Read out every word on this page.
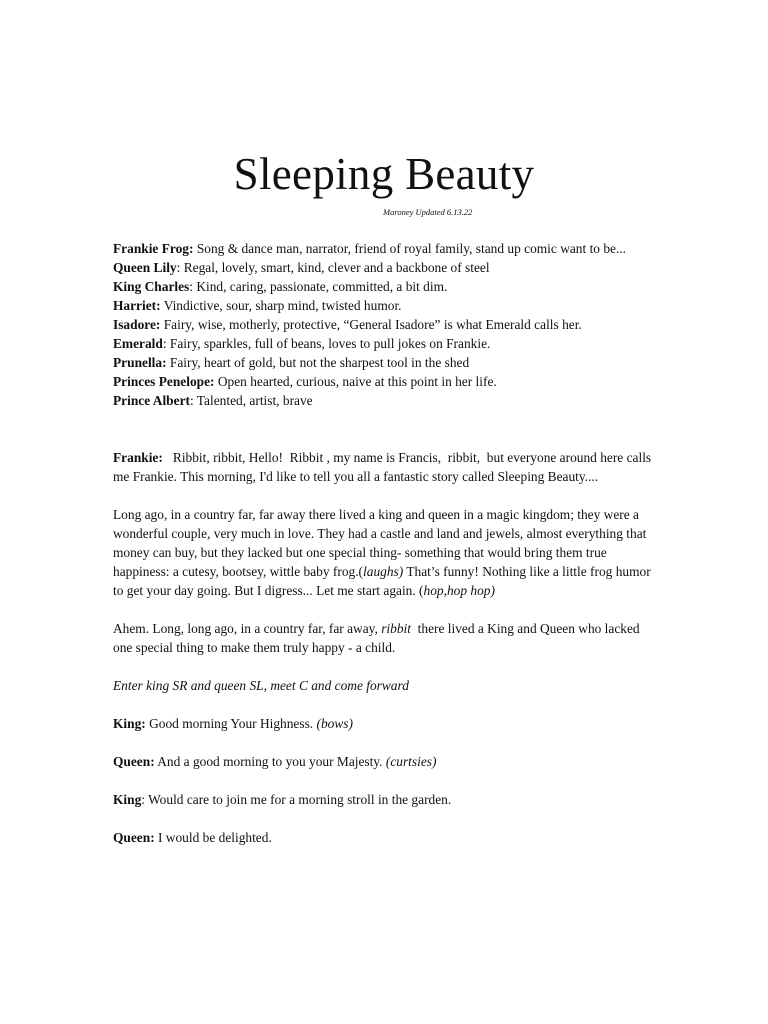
Sleeping Beauty
Maroney Updated 6.13.22

Frankie Frog: Song & dance man, narrator, friend of royal family, stand up comic want to be...

Queen Lily: Regal, lovely, smart, kind, clever and a backbone of steel

King Charles: Kind, caring, passionate, committed, a bit dim.

Harriet: Vindictive, sour, sharp mind, twisted humor.

Isadore: Fairy, wise, motherly, protective, “General Isadore” is what Emerald calls her.

Emerald: Fairy, sparkles, full of beans, loves to pull jokes on Frankie.

Prunella: Fairy, heart of gold, but not the sharpest tool in the shed

Princes Penelope: Open hearted, curious, naive at this point in her life.

Prince Albert: Talented, artist, brave

Frankie:   Ribbit, ribbit, Hello!  Ribbit , my name is Francis,  ribbit,  but everyone around here calls me Frankie. This morning, I'd like to tell you all a fantastic story called Sleeping Beauty....

Long ago, in a country far, far away there lived a king and queen in a magic kingdom; they were a wonderful couple, very much in love. They had a castle and land and jewels, almost everything that money can buy, but they lacked but one special thing- something that would bring them true happiness: a cutesy, bootsey, wittle baby frog.(laughs) That’s funny! Nothing like a little frog humor to get your day going. But I digress... Let me start again. (hop,hop hop)

Ahem. Long, long ago, in a country far, far away, ribbit  there lived a King and Queen who lacked one special thing to make them truly happy - a child.

Enter king SR and queen SL, meet C and come forward

King: Good morning Your Highness. (bows)

Queen: And a good morning to you your Majesty. (curtsies)

King: Would care to join me for a morning stroll in the garden.

Queen: I would be delighted.
